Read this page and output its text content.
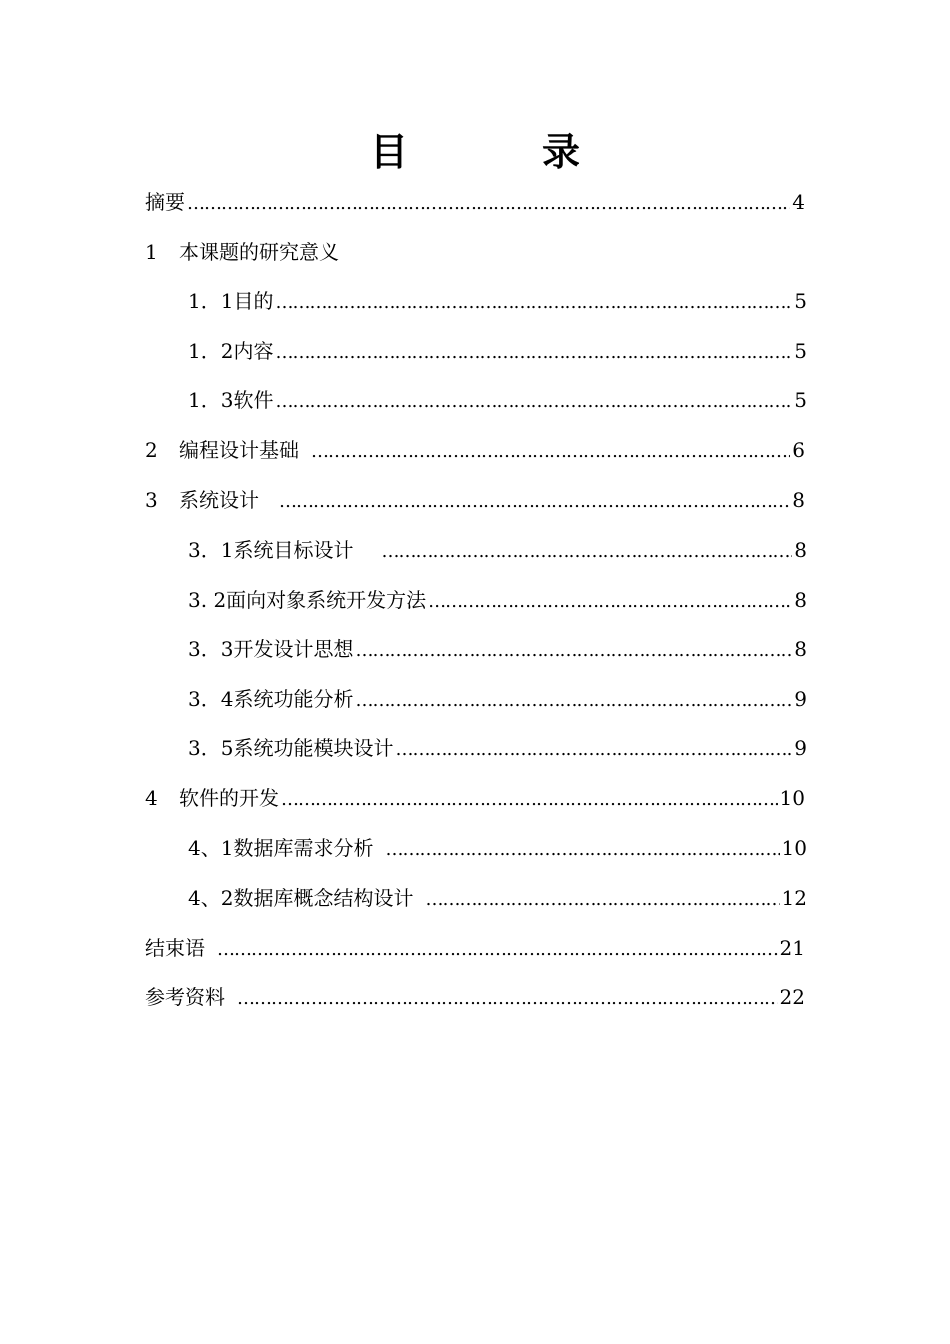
目　录
摘要 …………………………………………………………………………………………………………………………………………………	4
1	本课题的研究意义
1．1目的 …………………………………………………………………………………………………………………………………………………	5
1．2内容 …………………………………………………………………………………………………………………………………………………	5
1．3软件 …………………………………………………………………………………………………………………………………………………	5
2	编程设计基础 …………………………………………………………………………………………………………………………………………………	6
3	系统设计 …………………………………………………………………………………………………………………………………………………	8
3．1系统目标设计 …………………………………………………………………………………………………………………………………………………	8
3. 2面向对象系统开发方法 …………………………………………………………………………………………………………………………………………………	8
3．3开发设计思想 …………………………………………………………………………………………………………………………………………………	8
3．4系统功能分析 …………………………………………………………………………………………………………………………………………………	9
3．5系统功能模块设计 …………………………………………………………………………………………………………………………………………………	9
4	软件的开发 …………………………………………………………………………………………………………………………………………………	10
4、1数据库需求分析 …………………………………………………………………………………………………………………………………………………	10
4、2数据库概念结构设计 …………………………………………………………………………………………………………………………………………………	12
结束语 …………………………………………………………………………………………………………………………………………………	21
参考资料 …………………………………………………………………………………………………………………………………………………	22
